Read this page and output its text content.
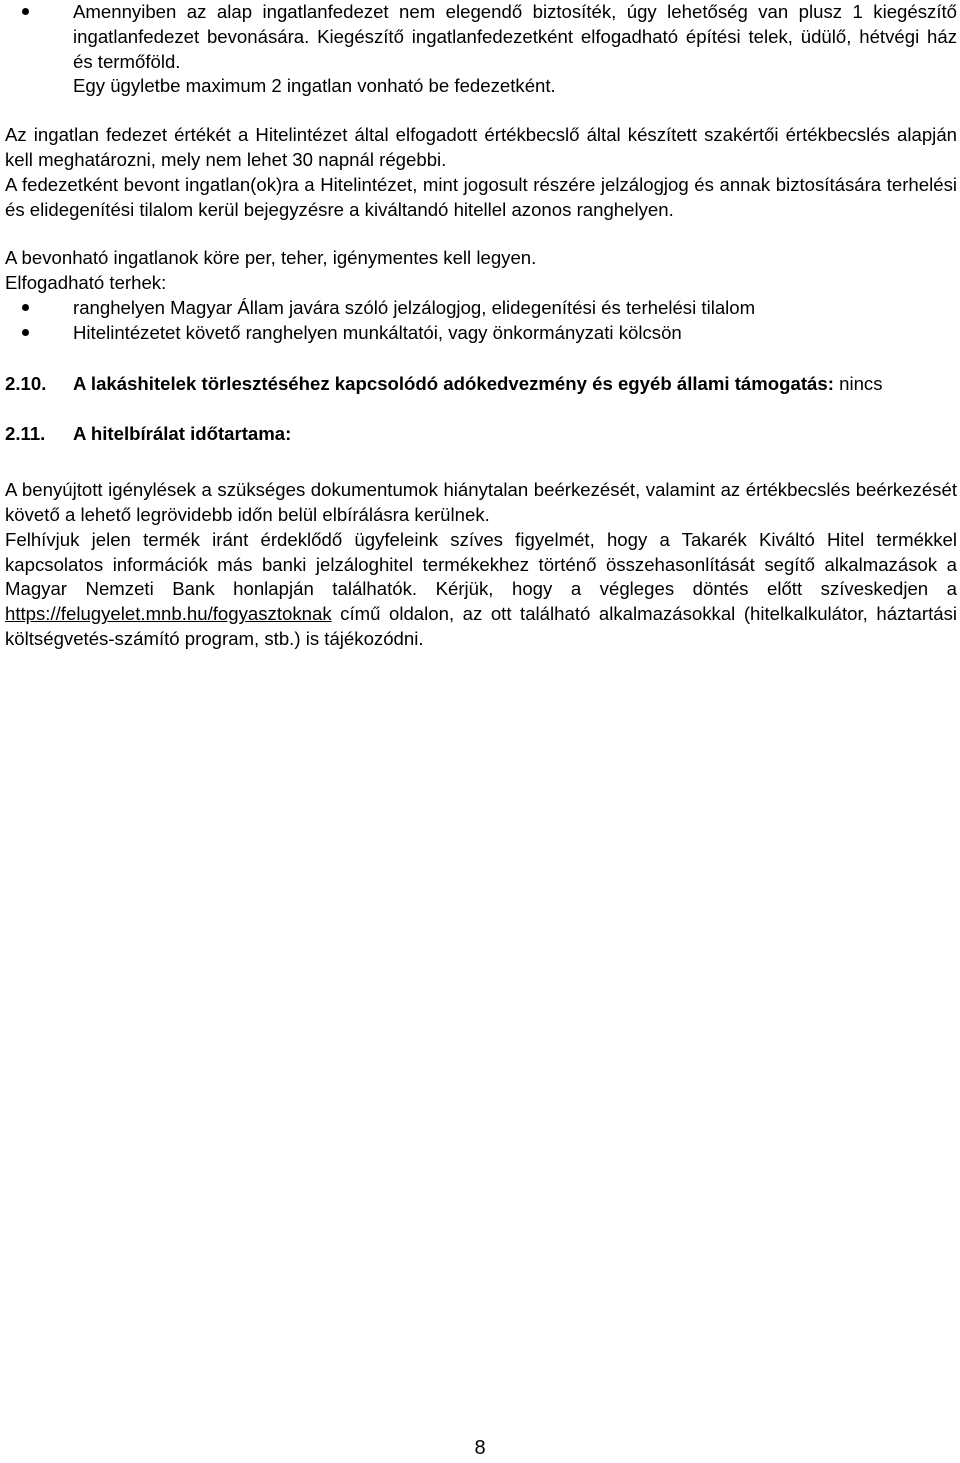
Amennyiben az alap ingatlanfedezet nem elegendő biztosíték, úgy lehetőség van plusz 1 kiegészítő ingatlanfedezet bevonására. Kiegészítő ingatlanfedezetként elfogadható építési telek, üdülő, hétvégi ház és termőföld.
Egy ügyletbe maximum 2 ingatlan vonható be fedezetként.
Az ingatlan fedezet értékét a Hitelintézet által elfogadott értékbecslő által készített szakértői értékbecslés alapján kell meghatározni, mely nem lehet 30 napnál régebbi.
A fedezetként bevont ingatlan(ok)ra a Hitelintézet, mint jogosult részére jelzálogjog és annak biztosítására terhelési és elidegenítési tilalom kerül bejegyzésre a kiváltandó hitellel azonos ranghelyen.
A bevonható ingatlanok köre per, teher, igénymentes kell legyen.
Elfogadható terhek:
ranghelyen Magyar Állam javára szóló jelzálogjog, elidegenítési és terhelési tilalom
Hitelintézetet követő ranghelyen munkáltatói, vagy önkormányzati kölcsön
2.10. A lakáshitelek törlesztéséhez kapcsolódó adókedvezmény és egyéb állami támogatás: nincs
2.11. A hitelbírálat időtartama:
A benyújtott igénylések a szükséges dokumentumok hiánytalan beérkezését, valamint az értékbecslés beérkezését követő a lehető legrövidebb időn belül elbírálásra kerülnek.
Felhívjuk jelen termék iránt érdeklődő ügyfeleink szíves figyelmét, hogy a Takarék Kiváltó Hitel termékkel kapcsolatos információk más banki jelzáloghitel termékekhez történő összehasonlítását segítő alkalmazások a Magyar Nemzeti Bank honlapján találhatók. Kérjük, hogy a végleges döntés előtt szíveskedjen a https://felugyelet.mnb.hu/fogyasztoknak című oldalon, az ott található alkalmazásokkal (hitelkalkulátor, háztartási költségvetés-számító program, stb.) is tájékozódni.
8
